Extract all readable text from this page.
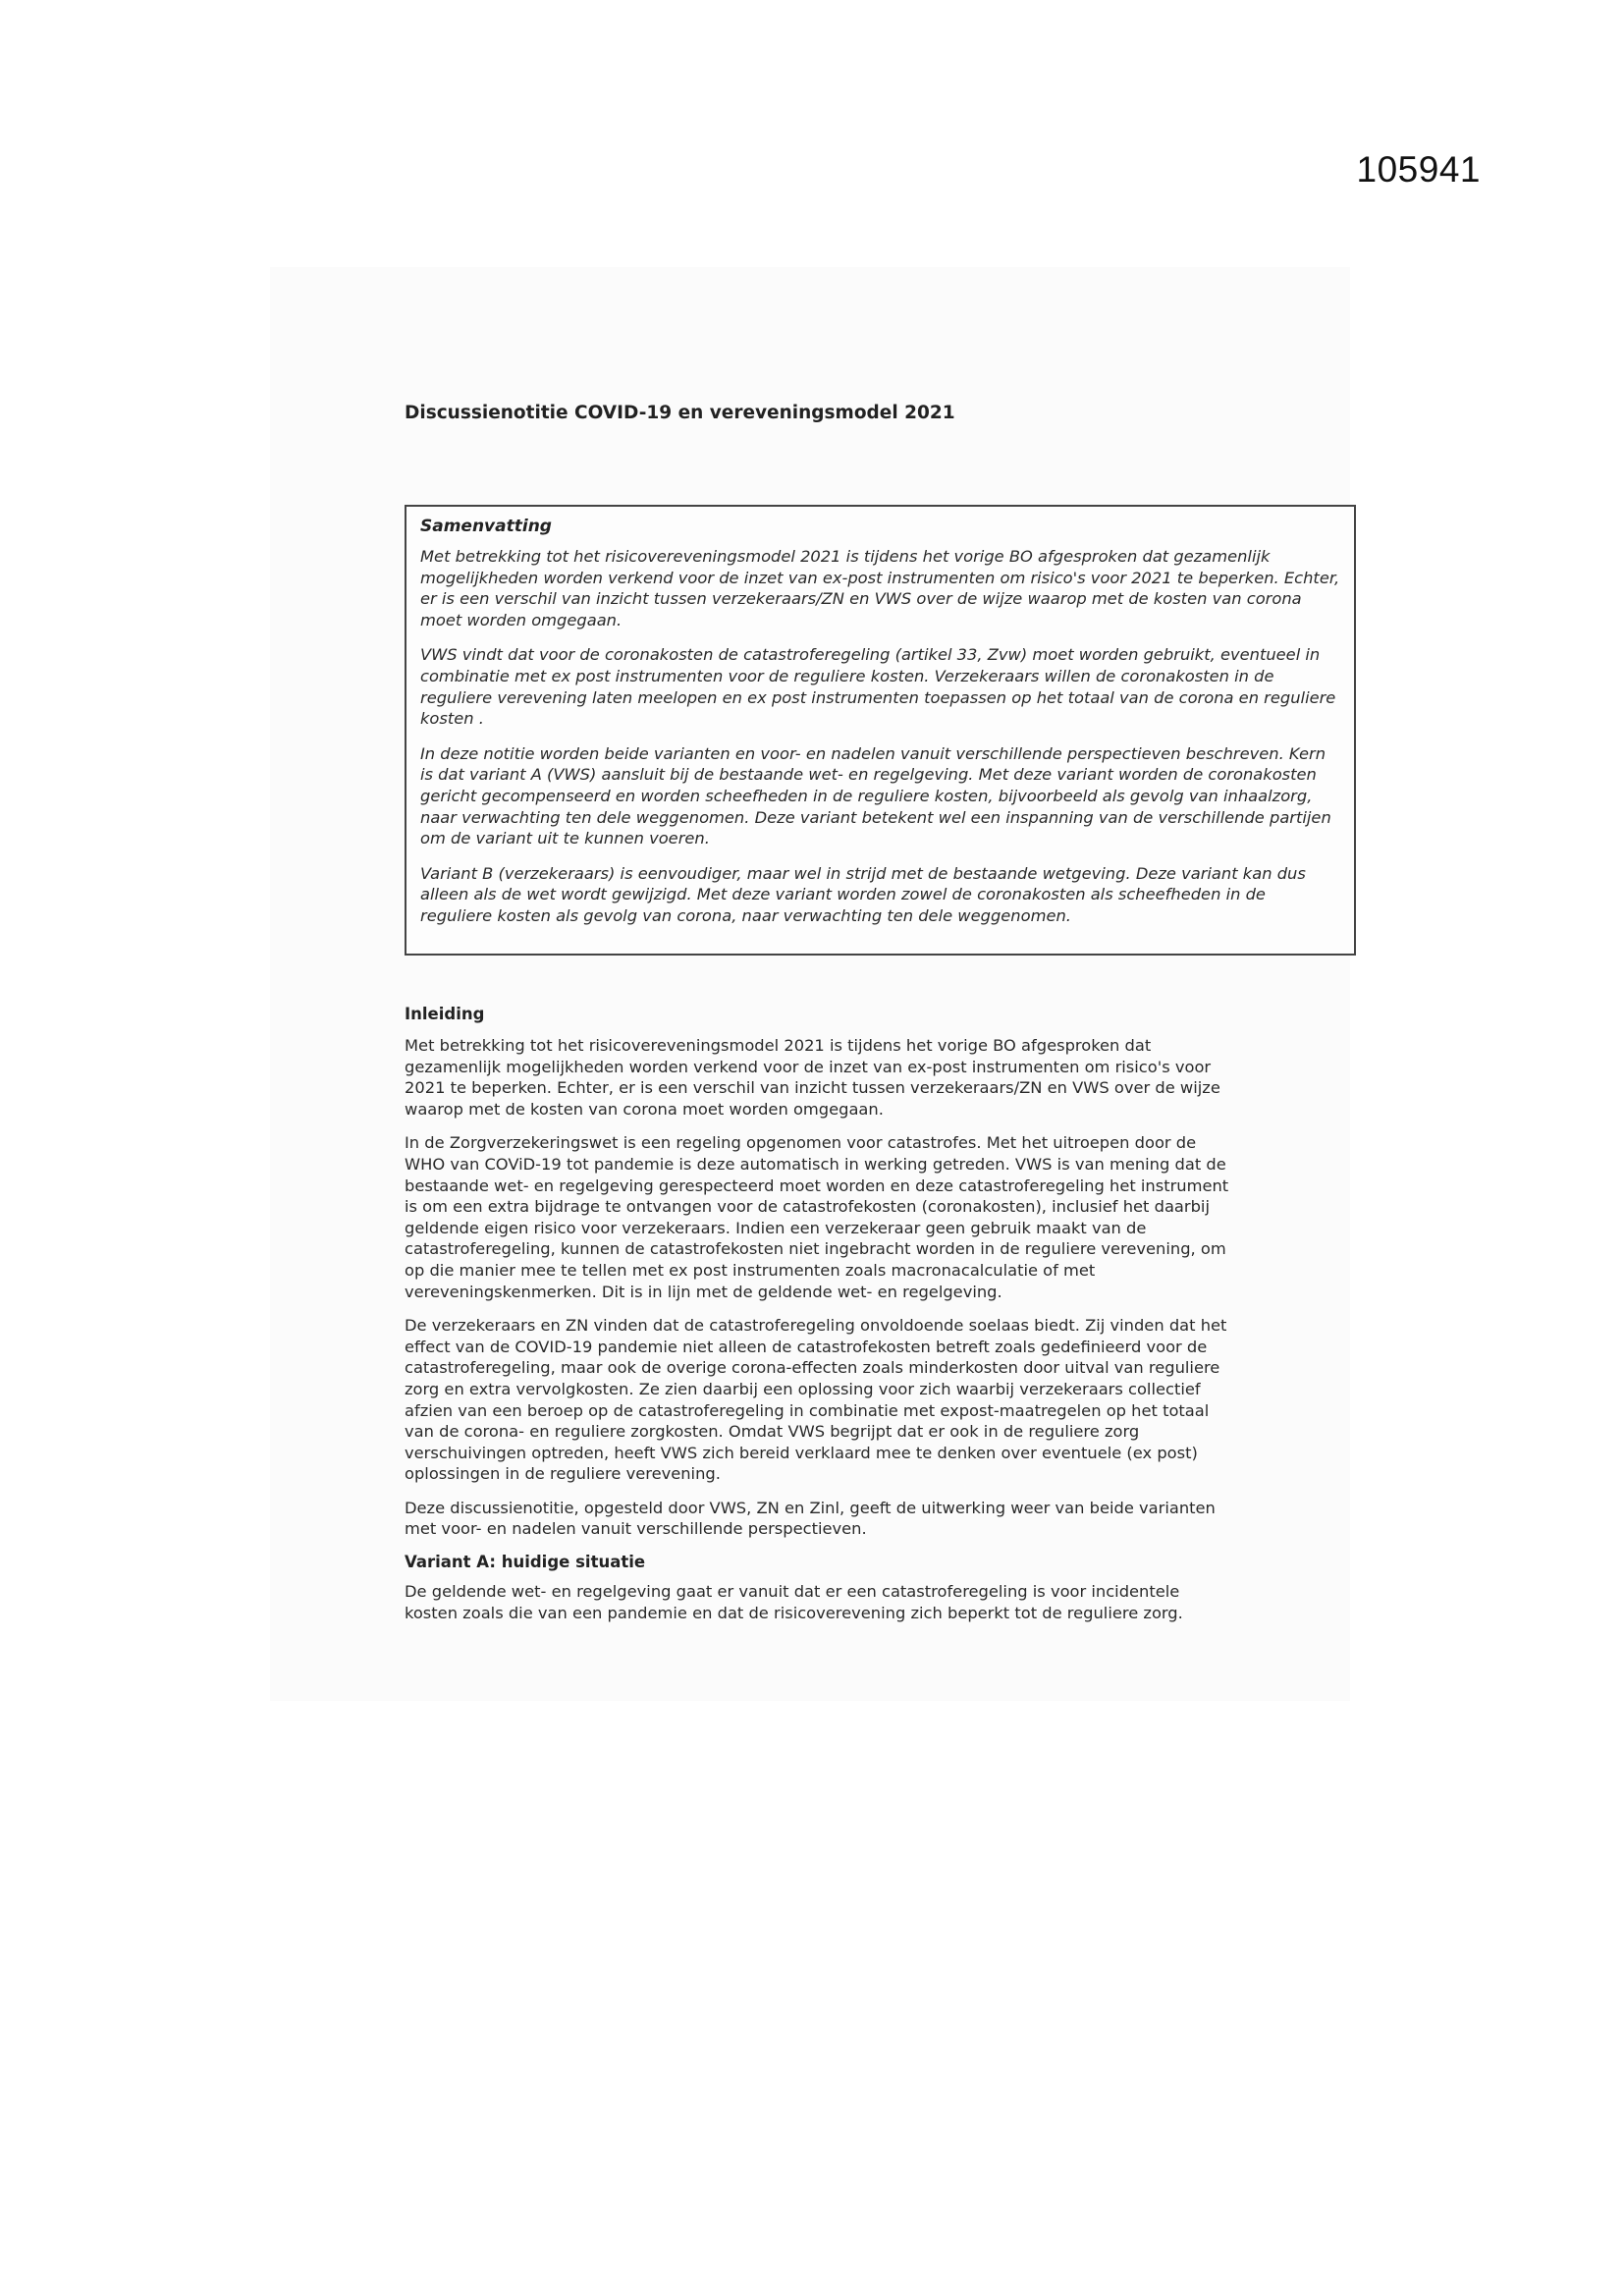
105941
Discussienotitie COVID-19 en vereveningsmodel 2021
Samenvatting

Met betrekking tot het risicovereveningsmodel 2021 is tijdens het vorige BO afgesproken dat gezamenlijk mogelijkheden worden verkend voor de inzet van ex-post instrumenten om risico's voor 2021 te beperken. Echter, er is een verschil van inzicht tussen verzekeraars/ZN en VWS over de wijze waarop met de kosten van corona moet worden omgegaan.

VWS vindt dat voor de coronakosten de catastroferegeling (artikel 33, Zvw) moet worden gebruikt, eventueel in combinatie met ex post instrumenten voor de reguliere kosten. Verzekeraars willen de coronakosten in de reguliere verevening laten meelopen en ex post instrumenten toepassen op het totaal van de corona en reguliere kosten .

In deze notitie worden beide varianten en voor- en nadelen vanuit verschillende perspectieven beschreven. Kern is dat variant A (VWS) aansluit bij de bestaande wet- en regelgeving. Met deze variant worden de coronakosten gericht gecompenseerd en worden scheefheden in de reguliere kosten, bijvoorbeeld als gevolg van inhaalzorg, naar verwachting ten dele weggenomen. Deze variant betekent wel een inspanning van de verschillende partijen om de variant uit te kunnen voeren.

Variant B (verzekeraars) is eenvoudiger, maar wel in strijd met de bestaande wetgeving. Deze variant kan dus alleen als de wet wordt gewijzigd. Met deze variant worden zowel de coronakosten als scheefheden in de reguliere kosten als gevolg van corona, naar verwachting ten dele weggenomen.

Inleiding

Met betrekking tot het risicovereveningsmodel 2021 is tijdens het vorige BO afgesproken dat gezamenlijk mogelijkheden worden verkend voor de inzet van ex-post instrumenten om risico's voor 2021 te beperken. Echter, er is een verschil van inzicht tussen verzekeraars/ZN en VWS over de wijze waarop met de kosten van corona moet worden omgegaan.

In de Zorgverzekeringswet is een regeling opgenomen voor catastrofes. Met het uitroepen door de WHO van COViD-19 tot pandemie is deze automatisch in werking getreden. VWS is van mening dat de bestaande wet- en regelgeving gerespecteerd moet worden en deze catastroferegeling het instrument is om een extra bijdrage te ontvangen voor de catastrofekosten (coronakosten), inclusief het daarbij geldende eigen risico voor verzekeraars. Indien een verzekeraar geen gebruik maakt van de catastroferegeling, kunnen de catastrofekosten niet ingebracht worden in de reguliere verevening, om op die manier mee te tellen met ex post instrumenten zoals macronacalculatie of met vereveningskenmerken. Dit is in lijn met de geldende wet- en regelgeving.

De verzekeraars en ZN vinden dat de catastroferegeling onvoldoende soelaas biedt. Zij vinden dat het effect van de COVID-19 pandemie niet alleen de catastrofekosten betreft zoals gedefinieerd voor de catastroferegeling, maar ook de overige corona-effecten zoals minderkosten door uitval van reguliere zorg en extra vervolgkosten. Ze zien daarbij een oplossing voor zich waarbij verzekeraars collectief afzien van een beroep op de catastroferegeling in combinatie met expost-maatregelen op het totaal van de corona- en reguliere zorgkosten. Omdat VWS begrijpt dat er ook in de reguliere zorg verschuivingen optreden, heeft VWS zich bereid verklaard mee te denken over eventuele (ex post) oplossingen in de reguliere verevening.

Deze discussienotitie, opgesteld door VWS, ZN en Zinl, geeft de uitwerking weer van beide varianten met voor- en nadelen vanuit verschillende perspectieven.

Variant A: huidige situatie

De geldende wet- en regelgeving gaat er vanuit dat er een catastroferegeling is voor incidentele kosten zoals die van een pandemie en dat de risicoverevening zich beperkt tot de reguliere zorg.
